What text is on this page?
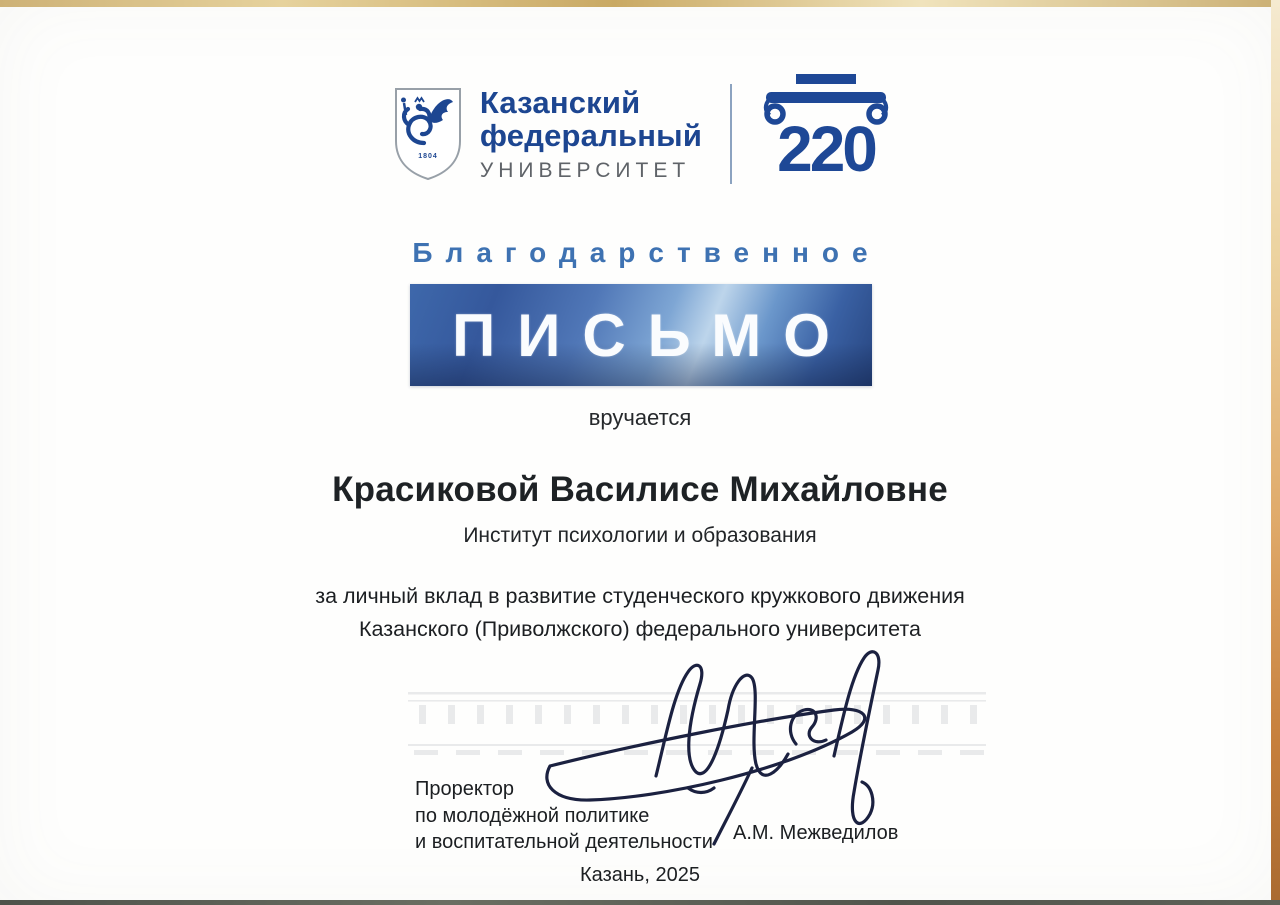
1804
Казанский
федеральный
УНИВЕРСИТЕТ 220
Благодарственное
ПИСЬМО
вручается
Красиковой Василисе Михайловне
Институт психологии и образования
за личный вклад в развитие студенческого кружкового движения
Казанского (Приволжского) федерального университета
Проректор
по молодёжной политике
и воспитательной деятельности А.М. Межведилов
Казань, 2025
